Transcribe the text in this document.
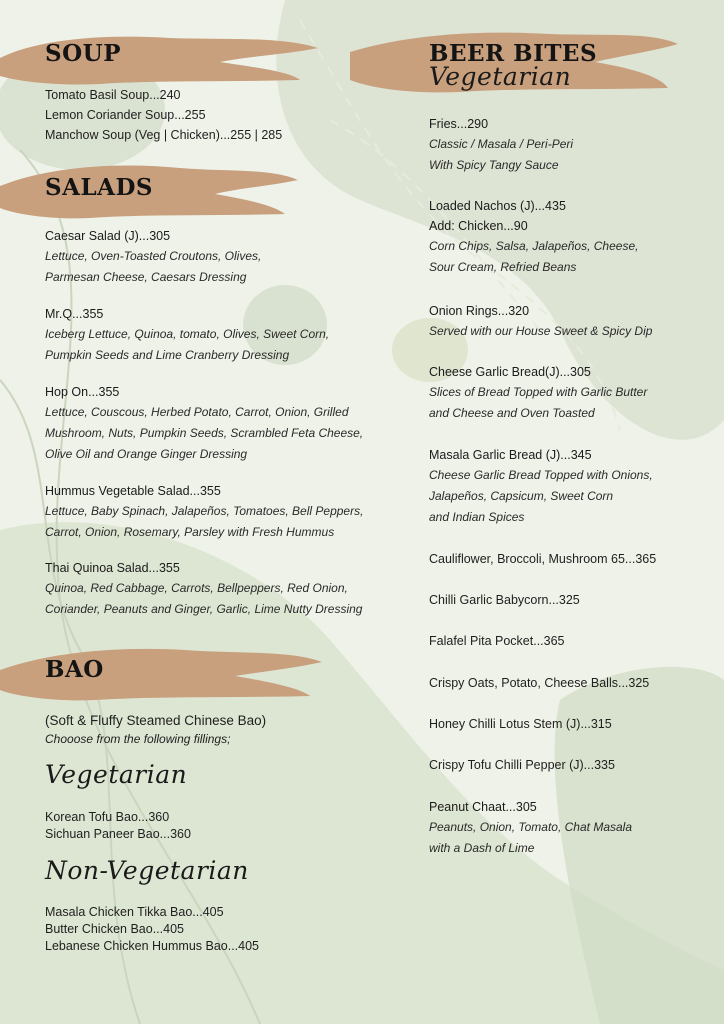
SOUP
Tomato Basil Soup...240
Lemon Coriander Soup...255
Manchow Soup (Veg | Chicken)...255 | 285
SALADS
Caesar Salad (J)...305
Lettuce, Oven-Toasted Croutons, Olives,
Parmesan Cheese, Caesars Dressing
Mr.Q...355
Iceberg Lettuce, Quinoa, tomato, Olives, Sweet Corn,
Pumpkin Seeds and Lime Cranberry Dressing
Hop On...355
Lettuce, Couscous, Herbed Potato, Carrot, Onion, Grilled
Mushroom, Nuts, Pumpkin Seeds, Scrambled Feta Cheese,
Olive Oil and Orange Ginger Dressing
Hummus Vegetable Salad...355
Lettuce, Baby Spinach, Jalapeños, Tomatoes, Bell Peppers,
Carrot, Onion, Rosemary, Parsley with Fresh Hummus
Thai Quinoa Salad...355
Quinoa, Red Cabbage, Carrots, Bellpeppers, Red Onion,
Coriander, Peanuts and Ginger, Garlic, Lime Nutty Dressing
BAO
(Soft & Fluffy Steamed Chinese Bao)
Chooose from the following fillings;
Vegetarian
Korean Tofu Bao...360
Sichuan Paneer Bao...360
Non-Vegetarian
Masala Chicken Tikka Bao...405
Butter Chicken Bao...405
Lebanese Chicken Hummus Bao...405
BEER BITES
Vegetarian
Fries...290
Classic / Masala / Peri-Peri
With Spicy Tangy Sauce
Loaded Nachos (J)...435
Add: Chicken...90
Corn Chips, Salsa, Jalapeños, Cheese,
Sour Cream, Refried Beans
Onion Rings...320
Served with our House Sweet & Spicy Dip
Cheese Garlic Bread(J)...305
Slices of Bread Topped with Garlic Butter
and Cheese and Oven Toasted
Masala Garlic Bread (J)...345
Cheese Garlic Bread Topped with Onions,
Jalapeños, Capsicum, Sweet Corn
and Indian Spices
Cauliflower, Broccoli, Mushroom 65...365
Chilli Garlic Babycorn...325
Falafel Pita Pocket...365
Crispy Oats, Potato, Cheese Balls...325
Honey Chilli Lotus Stem (J)...315
Crispy Tofu Chilli Pepper (J)...335
Peanut Chaat...305
Peanuts, Onion, Tomato, Chat Masala
with a Dash of Lime
